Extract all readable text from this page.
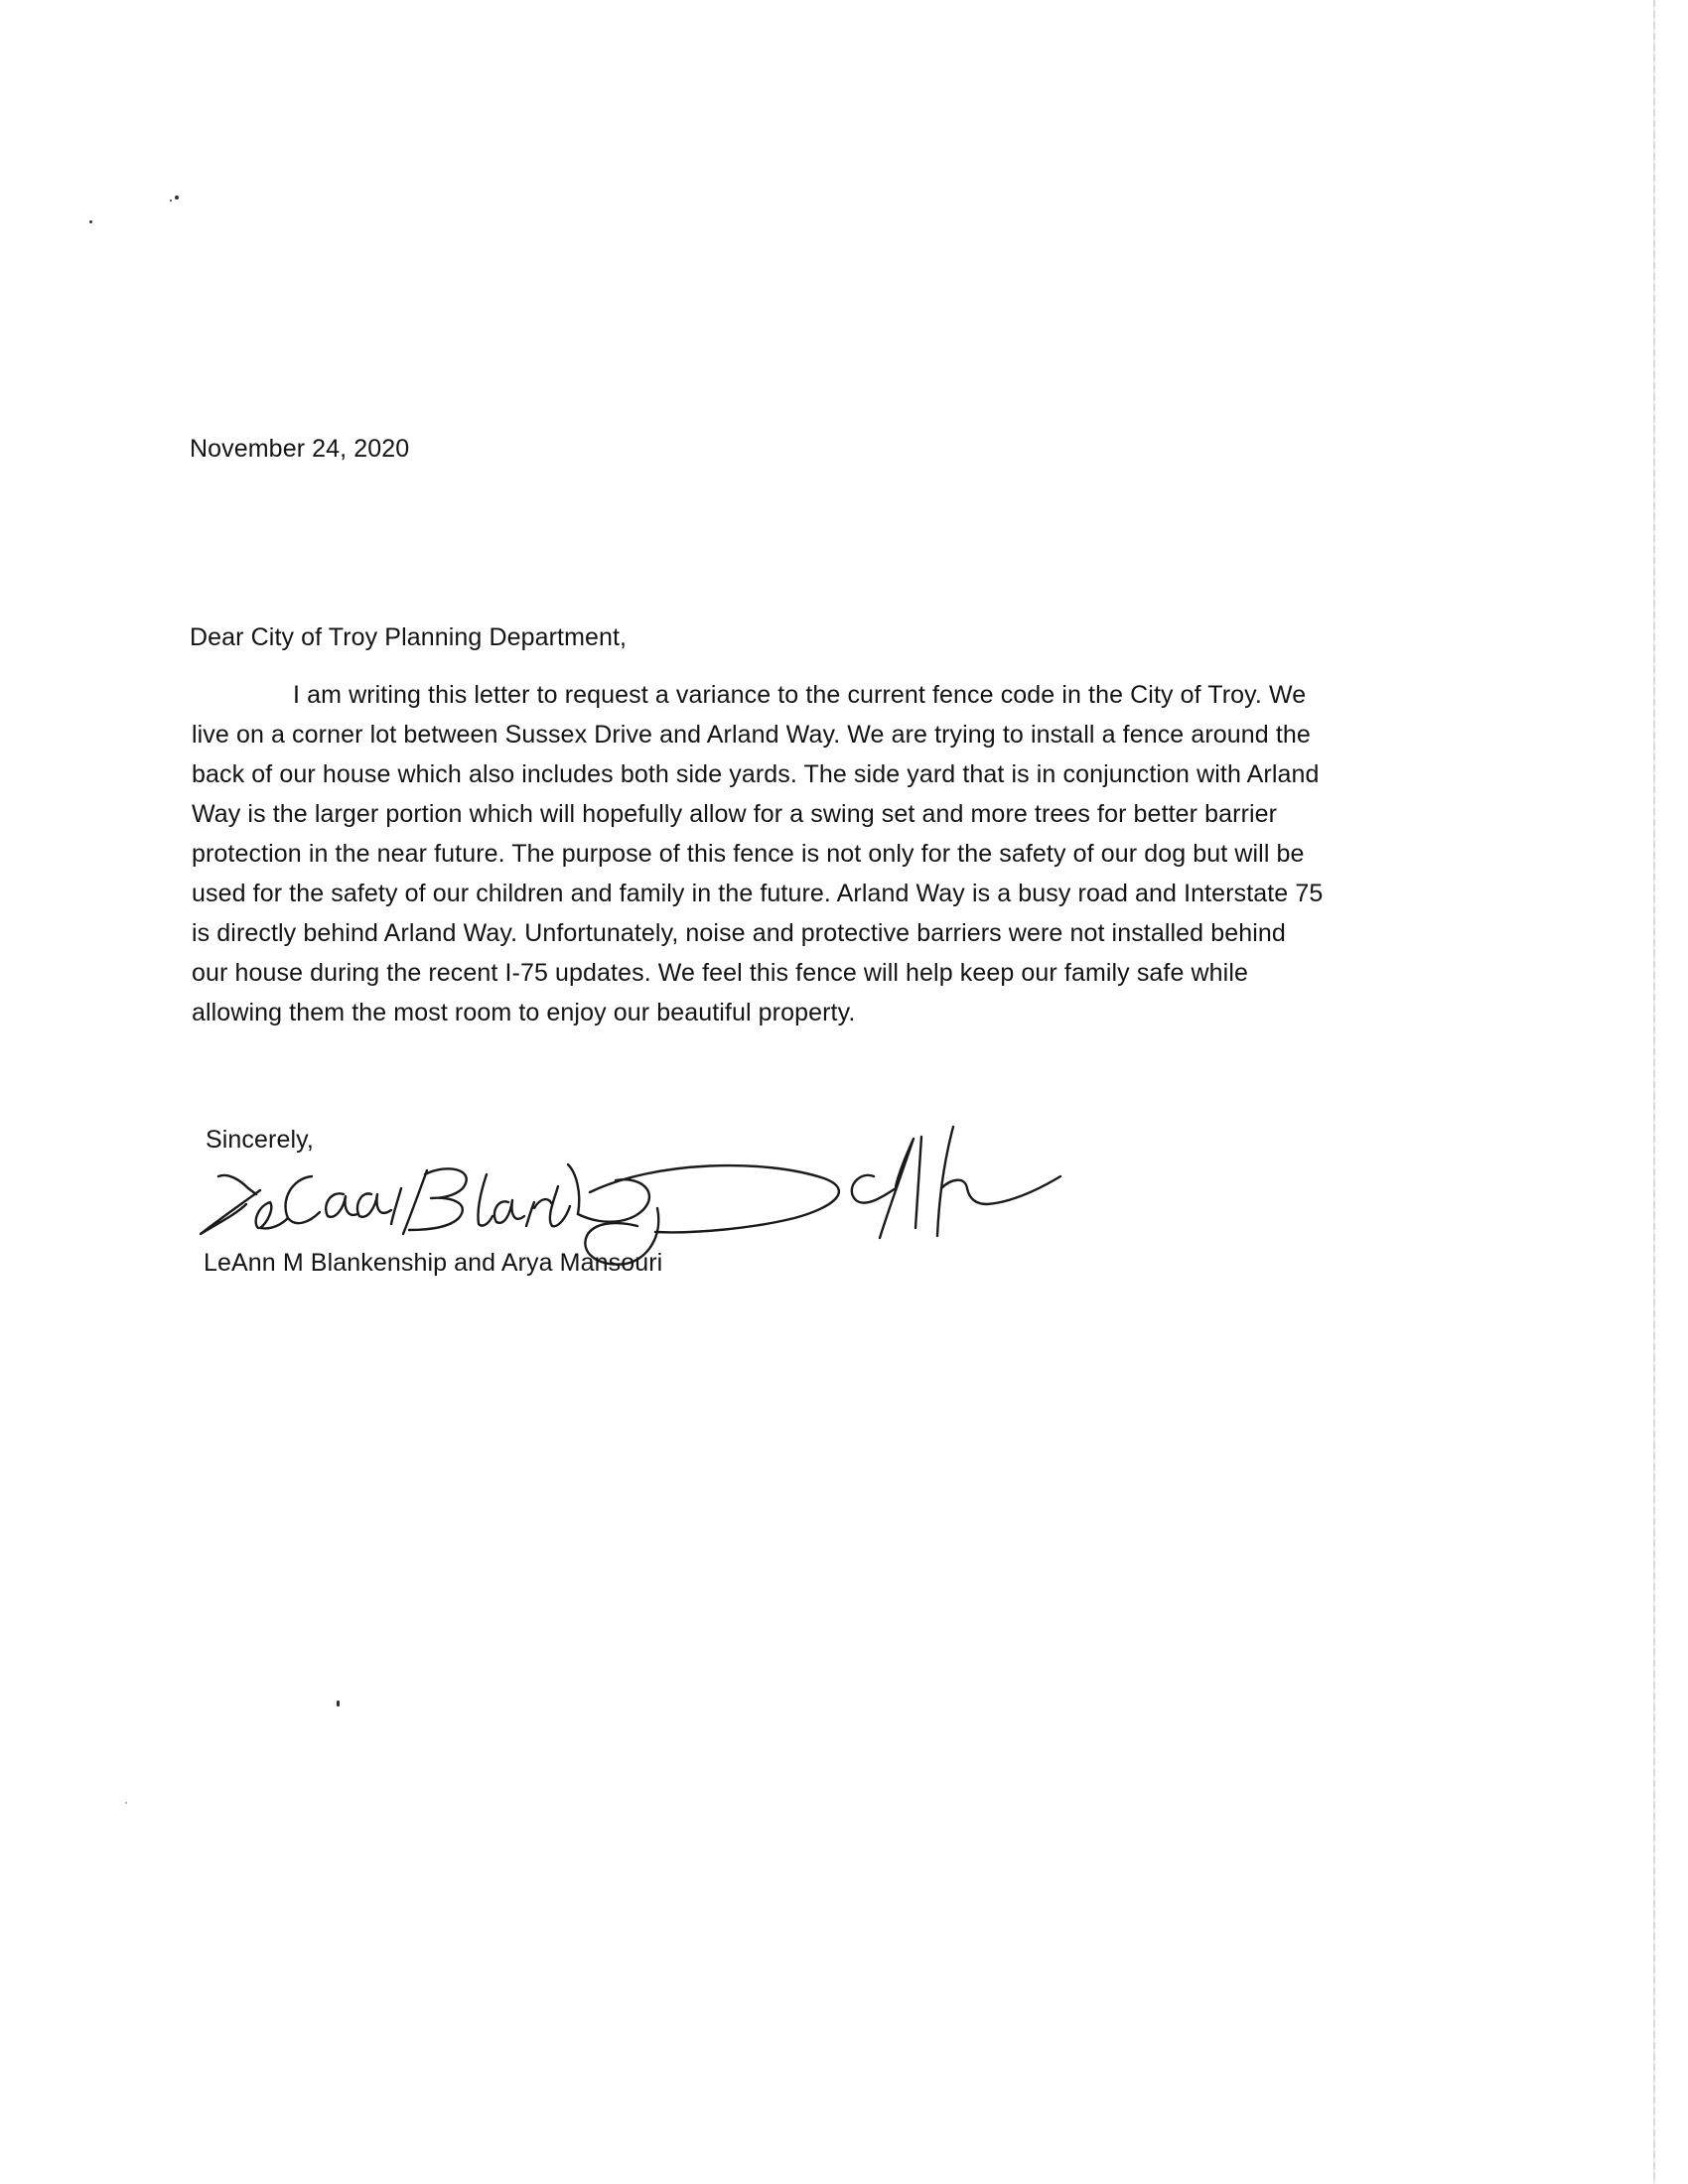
November 24, 2020
Dear City of Troy Planning Department,
I am writing this letter to request a variance to the current fence code in the City of Troy. We
live on a corner lot between Sussex Drive and Arland Way. We are trying to install a fence around the
back of our house which also includes both side yards. The side yard that is in conjunction with Arland
Way is the larger portion which will hopefully allow for a swing set and more trees for better barrier
protection in the near future. The purpose of this fence is not only for the safety of our dog but will be
used for the safety of our children and family in the future. Arland Way is a busy road and Interstate 75
is directly behind Arland Way. Unfortunately, noise and protective barriers were not installed behind
our house during the recent I-75 updates. We feel this fence will help keep our family safe while
allowing them the most room to enjoy our beautiful property.
Sincerely,
LeAnn M Blankenship and Arya Mansouri
